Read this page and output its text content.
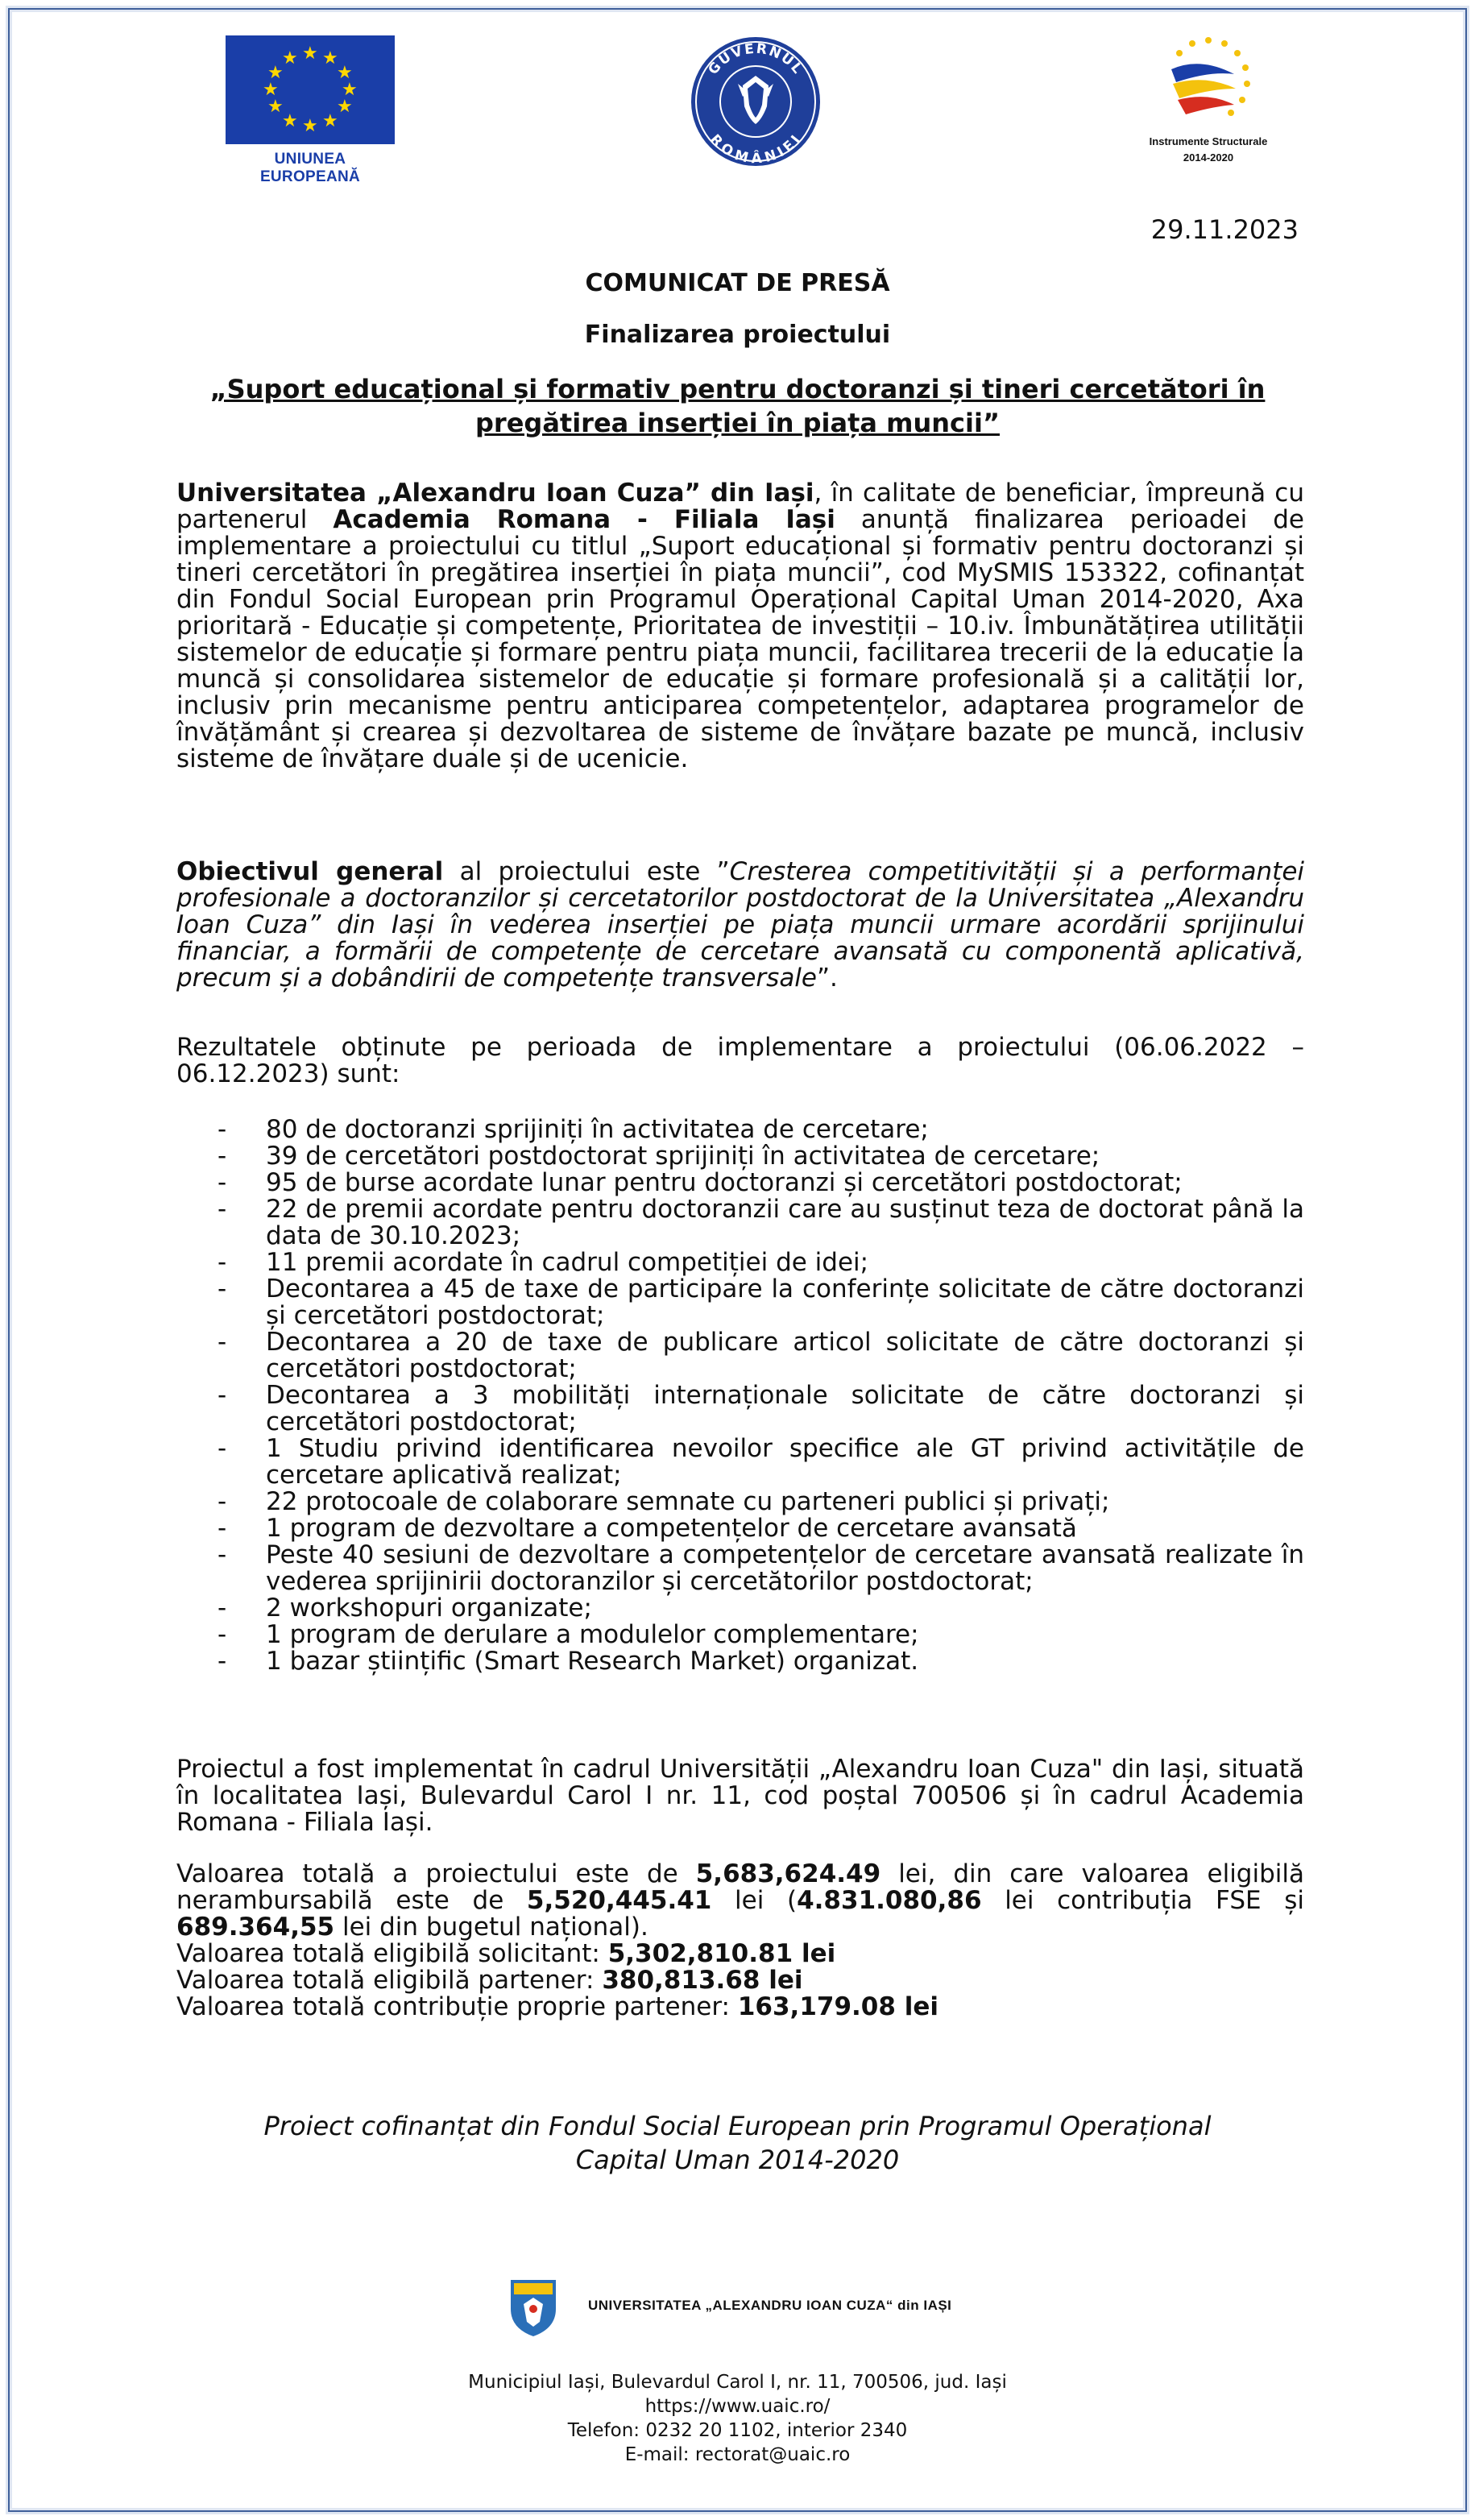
★ ★
★
★
★
★
★
★
★
★
★
★
UNIUNEA EUROPEANĂ
GUVERNUL
ROMÂNIEI	Instrumente Structurale
2014-2020
29.11.2023
COMUNICAT DE PRESĂ
Finalizarea proiectului
„Suport educațional și formativ pentru doctoranzi și tineri cercetători în
pregătirea inserției în piața muncii”
Universitatea „Alexandru Ioan Cuza” din Iași, în calitate de beneficiar, împreună cu partenerul Academia Romana - Filiala Iași anunță finalizarea perioadei de implementare a proiectului cu titlul „Suport educațional și formativ pentru doctoranzi și tineri cercetători în pregătirea inserției în piața muncii”, cod MySMIS 153322, cofinanțat din Fondul Social European prin Programul Operațional Capital Uman 2014-2020, Axa prioritară - Educație și competențe, Prioritatea de investiții – 10.iv. Îmbunătățirea utilității sistemelor de educație și formare pentru piața muncii, facilitarea trecerii de la educație la muncă și consolidarea sistemelor de educație și formare profesională și a calității lor, inclusiv prin mecanisme pentru anticiparea competențelor, adaptarea programelor de învățământ și crearea și dezvoltarea de sisteme de învățare bazate pe muncă, inclusiv sisteme de învățare duale și de ucenicie.
Obiectivul general al proiectului este ”Cresterea competitivității și a performanței profesionale a doctoranzilor și cercetatorilor postdoctorat de la Universitatea „Alexandru Ioan Cuza” din Iași în vederea inserției pe piața muncii urmare acordării sprijinului financiar, a formării de competențe de cercetare avansată cu componentă aplicativă, precum și a dobândirii de competențe transversale”.
Rezultatele obținute pe perioada de implementare a proiectului (06.06.2022 – 06.12.2023) sunt:
- 80 de doctoranzi sprijiniți în activitatea de cercetare;
- 39 de cercetători postdoctorat sprijiniți în activitatea de cercetare;
- 95 de burse acordate lunar pentru doctoranzi și cercetători postdoctorat;
- 22 de premii acordate pentru doctoranzii care au susținut teza de doctorat până la data de 30.10.2023;
- 11 premii acordate în cadrul competiției de idei;
- Decontarea a 45 de taxe de participare la conferințe solicitate de către doctoranzi și cercetători postdoctorat;
- Decontarea a 20 de taxe de publicare articol solicitate de către doctoranzi și cercetători postdoctorat;
- Decontarea a 3 mobilități internaționale solicitate de către doctoranzi și cercetători postdoctorat;
- 1 Studiu privind identificarea nevoilor specifice ale GT privind activitățile de cercetare aplicativă realizat;
- 22 protocoale de colaborare semnate cu parteneri publici și privați;
- 1 program de dezvoltare a competențelor de cercetare avansată
- Peste 40 sesiuni de dezvoltare a competențelor de cercetare avansată realizate în vederea sprijinirii doctoranzilor și cercetătorilor postdoctorat;
- 2 workshopuri organizate;
- 1 program de derulare a modulelor complementare;
- 1 bazar științific (Smart Research Market) organizat.
Proiectul a fost implementat în cadrul Universității „Alexandru Ioan Cuza" din Iași, situată în localitatea Iași, Bulevardul Carol I nr. 11, cod poștal 700506 și în cadrul Academia Romana - Filiala Iași.
Valoarea totală a proiectului este de 5,683,624.49 lei, din care valoarea eligibilă nerambursabilă este de 5,520,445.41 lei (4.831.080,86 lei contribuția FSE și 689.364,55 lei din bugetul național).
Valoarea totală eligibilă solicitant: 5,302,810.81 lei
Valoarea totală eligibilă partener: 380,813.68 lei
Valoarea totală contribuție proprie partener: 163,179.08 lei
Proiect cofinanțat din Fondul Social European prin Programul Operațional
Capital Uman 2014-2020
UNIVERSITATEA „ALEXANDRU IOAN CUZA“ din IAȘI
Municipiul Iași, Bulevardul Carol I, nr. 11, 700506, jud. Iași
https://www.uaic.ro/
Telefon: 0232 20 1102, interior 2340
E-mail: rectorat@uaic.ro
